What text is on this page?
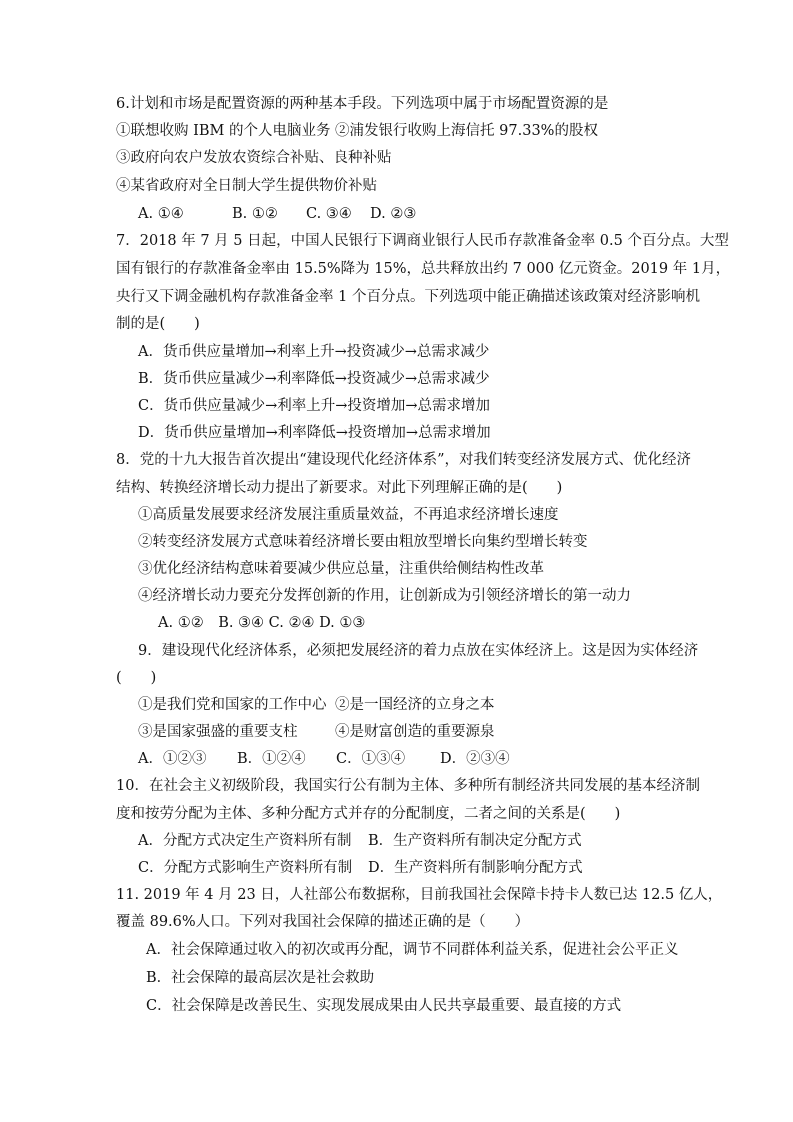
6.计划和市场是配置资源的两种基本手段。下列选项中属于市场配置资源的是
①联想收购 IBM 的个人电脑业务 ②浦发银行收购上海信托 97.33%的股权
③政府向农户发放农资综合补贴、良种补贴
④某省政府对全日制大学生提供物价补贴
A. ①④	B. ①② C. ③④ D. ②③
7．2018 年 7 月 5 日起，中国人民银行下调商业银行人民币存款准备金率 0.5 个百分点。大型
国有银行的存款准备金率由 15.5%降为 15%，总共释放出约 7 000 亿元资金。2019 年 1月，
央行又下调金融机构存款准备金率 1 个百分点。下列选项中能正确描述该政策对经济影响机
制的是(　　)
A．货币供应量增加→利率上升→投资减少→总需求减少
B．货币供应量减少→利率降低→投资减少→总需求减少
C．货币供应量减少→利率上升→投资增加→总需求增加
D．货币供应量增加→利率降低→投资增加→总需求增加
8．党的十九大报告首次提出“建设现代化经济体系”，对我们转变经济发展方式、优化经济
结构、转换经济增长动力提出了新要求。对此下列理解正确的是(　　)
①高质量发展要求经济发展注重质量效益，不再追求经济增长速度
②转变经济发展方式意味着经济增长要由粗放型增长向集约型增长转变
③优化经济结构意味着要减少供应总量，注重供给侧结构性改革
④经济增长动力要充分发挥创新的作用，让创新成为引领经济增长的第一动力
A. ①②　B. ③④ C. ②④ D. ①③
9．建设现代化经济体系，必须把发展经济的着力点放在实体经济上。这是因为实体经济
(　　)
①是我们党和国家的工作中心 ②是一国经济的立身之本
③是国家强盛的重要支柱	④是财富创造的重要源泉
A．①②③ B．①②④ C．①③④ D．②③④
10．在社会主义初级阶段，我国实行公有制为主体、多种所有制经济共同发展的基本经济制
度和按劳分配为主体、多种分配方式并存的分配制度，二者之间的关系是(　　)
A．分配方式决定生产资料所有制 B．生产资料所有制决定分配方式
C．分配方式影响生产资料所有制 D．生产资料所有制影响分配方式
11. 2019 年 4 月 23 日，人社部公布数据称，目前我国社会保障卡持卡人数已达 12.5 亿人，
覆盖 89.6%人口。下列对我国社会保障的描述正确的是（　　）
A．社会保障通过收入的初次或再分配，调节不同群体利益关系，促进社会公平正义
B．社会保障的最高层次是社会救助
C．社会保障是改善民生、实现发展成果由人民共享最重要、最直接的方式
